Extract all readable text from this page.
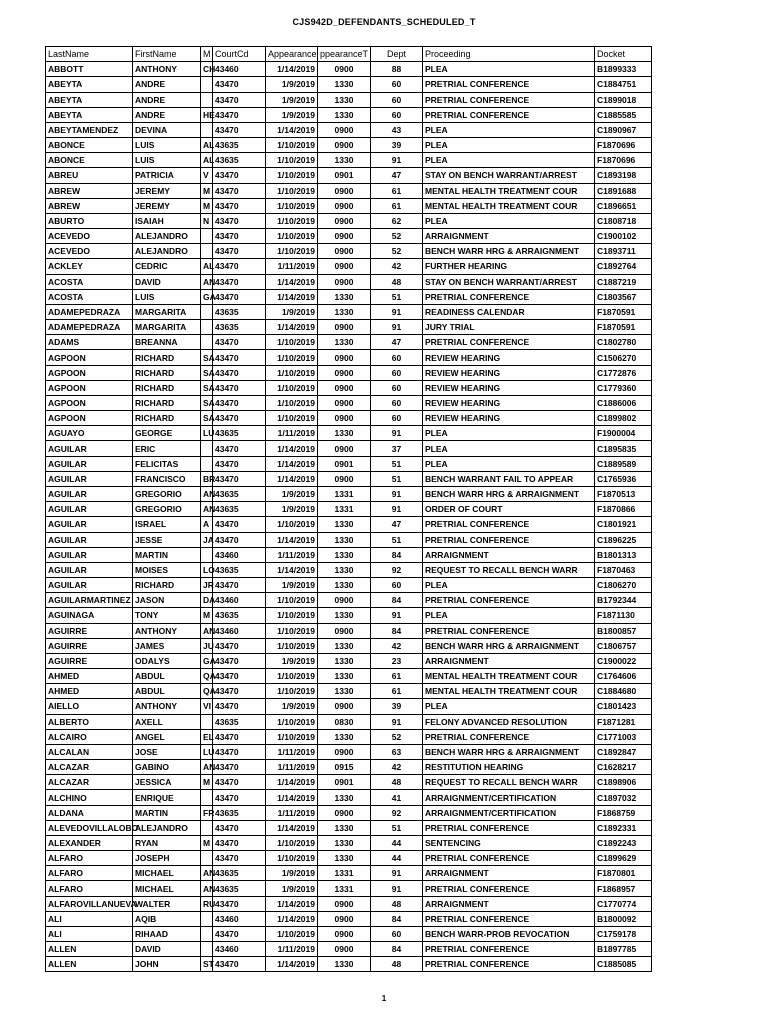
CJS942D_DEFENDANTS_SCHEDULED_T
LastName	FirstName	M	CourtCd	Appearance	ppearanceT	Dept	Proceeding	Docket
ABBOTT	ANTHONY	CH	43460	1/14/2019	0900	88	PLEA	B1899333
ABEYTA	ANDRE		43470	1/9/2019	1330	60	PRETRIAL CONFERENCE	C1884751
ABEYTA	ANDRE		43470	1/9/2019	1330	60	PRETRIAL CONFERENCE	C1899018
ABEYTA	ANDRE	HE	43470	1/9/2019	1330	60	PRETRIAL CONFERENCE	C1885585
ABEYTAMENDEZ	DEVINA		43470	1/14/2019	0900	43	PLEA	C1890967
ABONCE	LUIS	AL	43635	1/10/2019	0900	39	PLEA	F1870696
ABONCE	LUIS	AL	43635	1/10/2019	1330	91	PLEA	F1870696
ABREU	PATRICIA	V	43470	1/10/2019	0901	47	STAY ON BENCH WARRANT/ARREST	C1893198
ABREW	JEREMY	M	43470	1/10/2019	0900	61	MENTAL HEALTH TREATMENT COUR	C1891688
ABREW	JEREMY	M	43470	1/10/2019	0900	61	MENTAL HEALTH TREATMENT COUR	C1896651
ABURTO	ISAIAH	N	43470	1/10/2019	0900	62	PLEA	C1808718
ACEVEDO	ALEJANDRO		43470	1/10/2019	0900	52	ARRAIGNMENT	C1900102
ACEVEDO	ALEJANDRO		43470	1/10/2019	0900	52	BENCH WARR HRG & ARRAIGNMENT	C1893711
ACKLEY	CEDRIC	AL	43470	1/11/2019	0900	42	FURTHER HEARING	C1892764
ACOSTA	DAVID	AN	43470	1/14/2019	0900	48	STAY ON BENCH WARRANT/ARREST	C1887219
ACOSTA	LUIS	GA	43470	1/14/2019	1330	51	PRETRIAL CONFERENCE	C1803567
ADAMEPEDRAZA	MARGARITA		43635	1/9/2019	1330	91	READINESS CALENDAR	F1870591
ADAMEPEDRAZA	MARGARITA		43635	1/14/2019	0900	91	JURY TRIAL	F1870591
ADAMS	BREANNA		43470	1/10/2019	1330	47	PRETRIAL CONFERENCE	C1802780
AGPOON	RICHARD	SA	43470	1/10/2019	0900	60	REVIEW HEARING	C1506270
AGPOON	RICHARD	SA	43470	1/10/2019	0900	60	REVIEW HEARING	C1772876
AGPOON	RICHARD	SA	43470	1/10/2019	0900	60	REVIEW HEARING	C1779360
AGPOON	RICHARD	SA	43470	1/10/2019	0900	60	REVIEW HEARING	C1886006
AGPOON	RICHARD	SA	43470	1/10/2019	0900	60	REVIEW HEARING	C1899802
AGUAYO	GEORGE	LU	43635	1/11/2019	1330	91	PLEA	F1900004
AGUILAR	ERIC		43470	1/14/2019	0900	37	PLEA	C1895835
AGUILAR	FELICITAS		43470	1/14/2019	0901	51	PLEA	C1889589
AGUILAR	FRANCISCO	BR	43470	1/14/2019	0900	51	BENCH WARRANT FAIL TO APPEAR	C1765936
AGUILAR	GREGORIO	AN	43635	1/9/2019	1331	91	BENCH WARR HRG & ARRAIGNMENT	F1870513
AGUILAR	GREGORIO	AN	43635	1/9/2019	1331	91	ORDER OF COURT	F1870866
AGUILAR	ISRAEL	A	43470	1/10/2019	1330	47	PRETRIAL CONFERENCE	C1801921
AGUILAR	JESSE	JA	43470	1/14/2019	1330	51	PRETRIAL CONFERENCE	C1896225
AGUILAR	MARTIN		43460	1/11/2019	1330	84	ARRAIGNMENT	B1801313
AGUILAR	MOISES	LO	43635	1/14/2019	1330	92	REQUEST TO RECALL BENCH WARR	F1870463
AGUILAR	RICHARD	JR	43470	1/9/2019	1330	60	PLEA	C1806270
AGUILARMARTINEZ	JASON	DA	43460	1/10/2019	0900	84	PRETRIAL CONFERENCE	B1792344
AGUINAGA	TONY	M	43635	1/10/2019	1330	91	PLEA	F1871130
AGUIRRE	ANTHONY	AN	43460	1/10/2019	0900	84	PRETRIAL CONFERENCE	B1800857
AGUIRRE	JAMES	JU	43470	1/10/2019	1330	42	BENCH WARR HRG & ARRAIGNMENT	C1806757
AGUIRRE	ODALYS	GA	43470	1/9/2019	1330	23	ARRAIGNMENT	C1900022
AHMED	ABDUL	QA	43470	1/10/2019	1330	61	MENTAL HEALTH TREATMENT COUR	C1764606
AHMED	ABDUL	QA	43470	1/10/2019	1330	61	MENTAL HEALTH TREATMENT COUR	C1884680
AIELLO	ANTHONY	VI	43470	1/9/2019	0900	39	PLEA	C1801423
ALBERTO	AXELL		43635	1/10/2019	0830	91	FELONY ADVANCED RESOLUTION	F1871281
ALCAIRO	ANGEL	EL	43470	1/10/2019	1330	52	PRETRIAL CONFERENCE	C1771003
ALCALAN	JOSE	LU	43470	1/11/2019	0900	63	BENCH WARR HRG & ARRAIGNMENT	C1892847
ALCAZAR	GABINO	AN	43470	1/11/2019	0915	42	RESTITUTION HEARING	C1628217
ALCAZAR	JESSICA	M	43470	1/14/2019	0901	48	REQUEST TO RECALL BENCH WARR	C1898906
ALCHINO	ENRIQUE		43470	1/14/2019	1330	41	ARRAIGNMENT/CERTIFICATION	C1897032
ALDANA	MARTIN	FR	43635	1/11/2019	0900	92	ARRAIGNMENT/CERTIFICATION	F1868759
ALEVEDOVILLALOBO	ALEJANDRO		43470	1/14/2019	1330	51	PRETRIAL CONFERENCE	C1892331
ALEXANDER	RYAN	M	43470	1/10/2019	1330	44	SENTENCING	C1892243
ALFARO	JOSEPH		43470	1/10/2019	1330	44	PRETRIAL CONFERENCE	C1899629
ALFARO	MICHAEL	AN	43635	1/9/2019	1331	91	ARRAIGNMENT	F1870801
ALFARO	MICHAEL	AN	43635	1/9/2019	1331	91	PRETRIAL CONFERENCE	F1868957
ALFAROVILLANUEVA	WALTER	RU	43470	1/14/2019	0900	48	ARRAIGNMENT	C1770774
ALI	AQIB		43460	1/14/2019	0900	84	PRETRIAL CONFERENCE	B1800092
ALI	RIHAAD		43470	1/10/2019	0900	60	BENCH WARR-PROB REVOCATION	C1759178
ALLEN	DAVID		43460	1/11/2019	0900	84	PRETRIAL CONFERENCE	B1897785
ALLEN	JOHN	ST	43470	1/14/2019	1330	48	PRETRIAL CONFERENCE	C1885085
1
